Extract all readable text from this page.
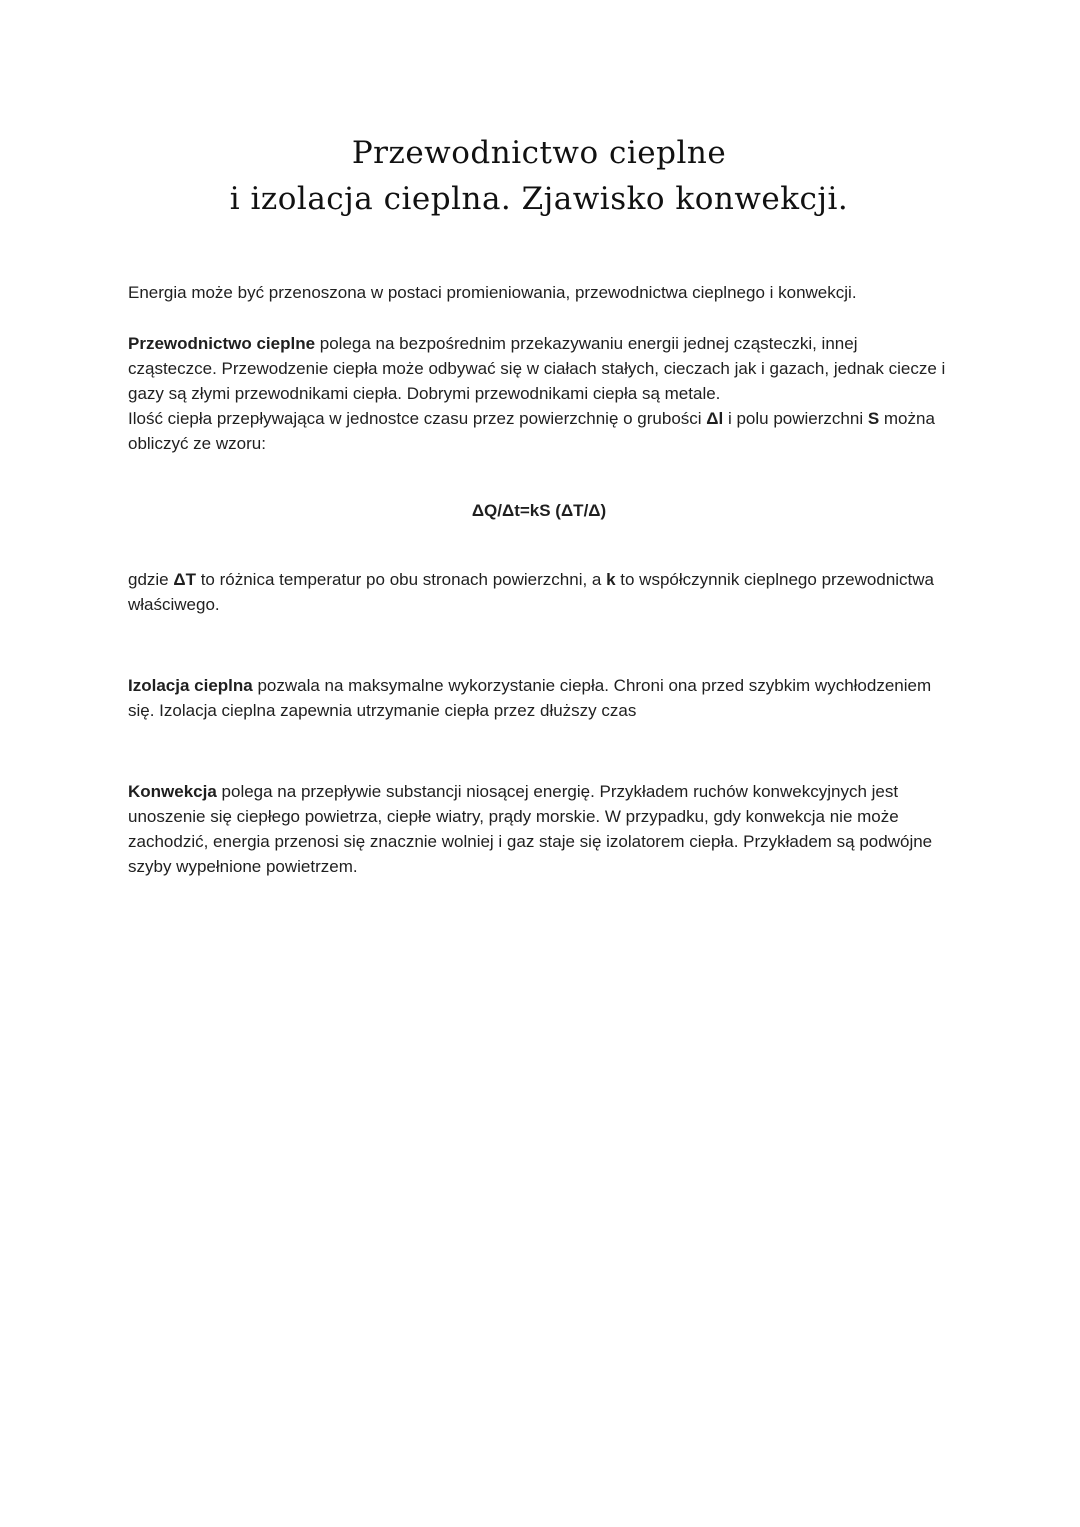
Przewodnictwo cieplne
i izolacja cieplna. Zjawisko konwekcji.

Energia może być przenoszona w postaci promieniowania, przewodnictwa cieplnego i konwekcji.

Przewodnictwo cieplne polega na bezpośrednim przekazywaniu energii jednej cząsteczki, innej cząsteczce. Przewodzenie ciepła może odbywać się w ciałach stałych, cieczach jak i gazach, jednak ciecze i gazy są złymi przewodnikami ciepła. Dobrymi przewodnikami ciepła są metale.
Ilość ciepła przepływająca w jednostce czasu przez powierzchnię o grubości Δl i polu powierzchni S można obliczyć ze wzoru:

ΔQ/Δt=kS (ΔT/Δ)

gdzie ΔT to różnica temperatur po obu stronach powierzchni, a k to współczynnik cieplnego przewodnictwa właściwego.

Izolacja cieplna pozwala na maksymalne wykorzystanie ciepła. Chroni ona przed szybkim wychłodzeniem się. Izolacja cieplna zapewnia utrzymanie ciepła przez dłuższy czas

Konwekcja polega na przepływie substancji niosącej energię. Przykładem ruchów konwekcyjnych jest unoszenie się ciepłego powietrza, ciepłe wiatry, prądy morskie. W przypadku, gdy konwekcja nie może zachodzić, energia przenosi się znacznie wolniej i gaz staje się izolatorem ciepła. Przykładem są podwójne szyby wypełnione powietrzem.
